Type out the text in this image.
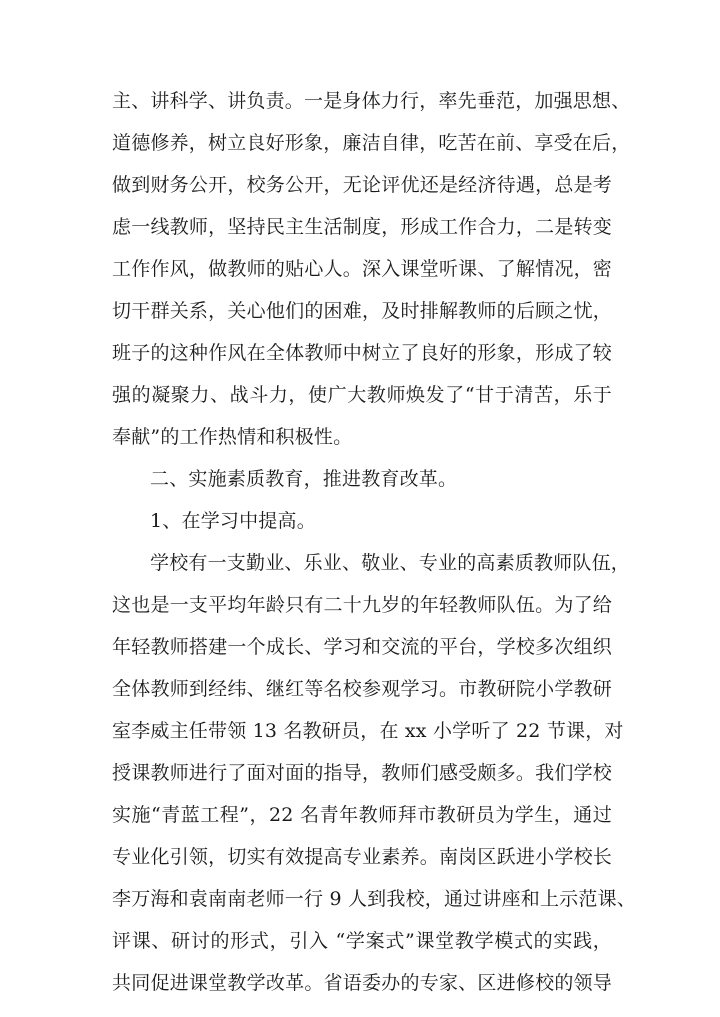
主、讲科学、讲负责。一是身体力行，率先垂范，加强思想、
道德修养，树立良好形象，廉洁自律，吃苦在前、享受在后，
做到财务公开，校务公开，无论评优还是经济待遇，总是考
虑一线教师，坚持民主生活制度，形成工作合力，二是转变
工作作风，做教师的贴心人。深入课堂听课、了解情况，密
切干群关系，关心他们的困难，及时排解教师的后顾之忧，
班子的这种作风在全体教师中树立了良好的形象，形成了较
强的凝聚力、战斗力，使广大教师焕发了“甘于清苦，乐于
奉献”的工作热情和积极性。
二、实施素质教育，推进教育改革。
1、在学习中提高。
学校有一支勤业、乐业、敬业、专业的高素质教师队伍，
这也是一支平均年龄只有二十九岁的年轻教师队伍。为了给
年轻教师搭建一个成长、学习和交流的平台，学校多次组织
全体教师到经纬、继红等名校参观学习。市教研院小学教研
室李威主任带领 13 名教研员，在 xx 小学听了 22 节课，对
授课教师进行了面对面的指导，教师们感受颇多。我们学校
实施“青蓝工程”，22 名青年教师拜市教研员为学生，通过
专业化引领，切实有效提高专业素养。南岗区跃进小学校长
李万海和袁南南老师一行 9 人到我校，通过讲座和上示范课、
评课、研讨的形式，引入 “学案式”课堂教学模式的实践，
共同促进课堂教学改革。省语委办的专家、区进修校的领导
